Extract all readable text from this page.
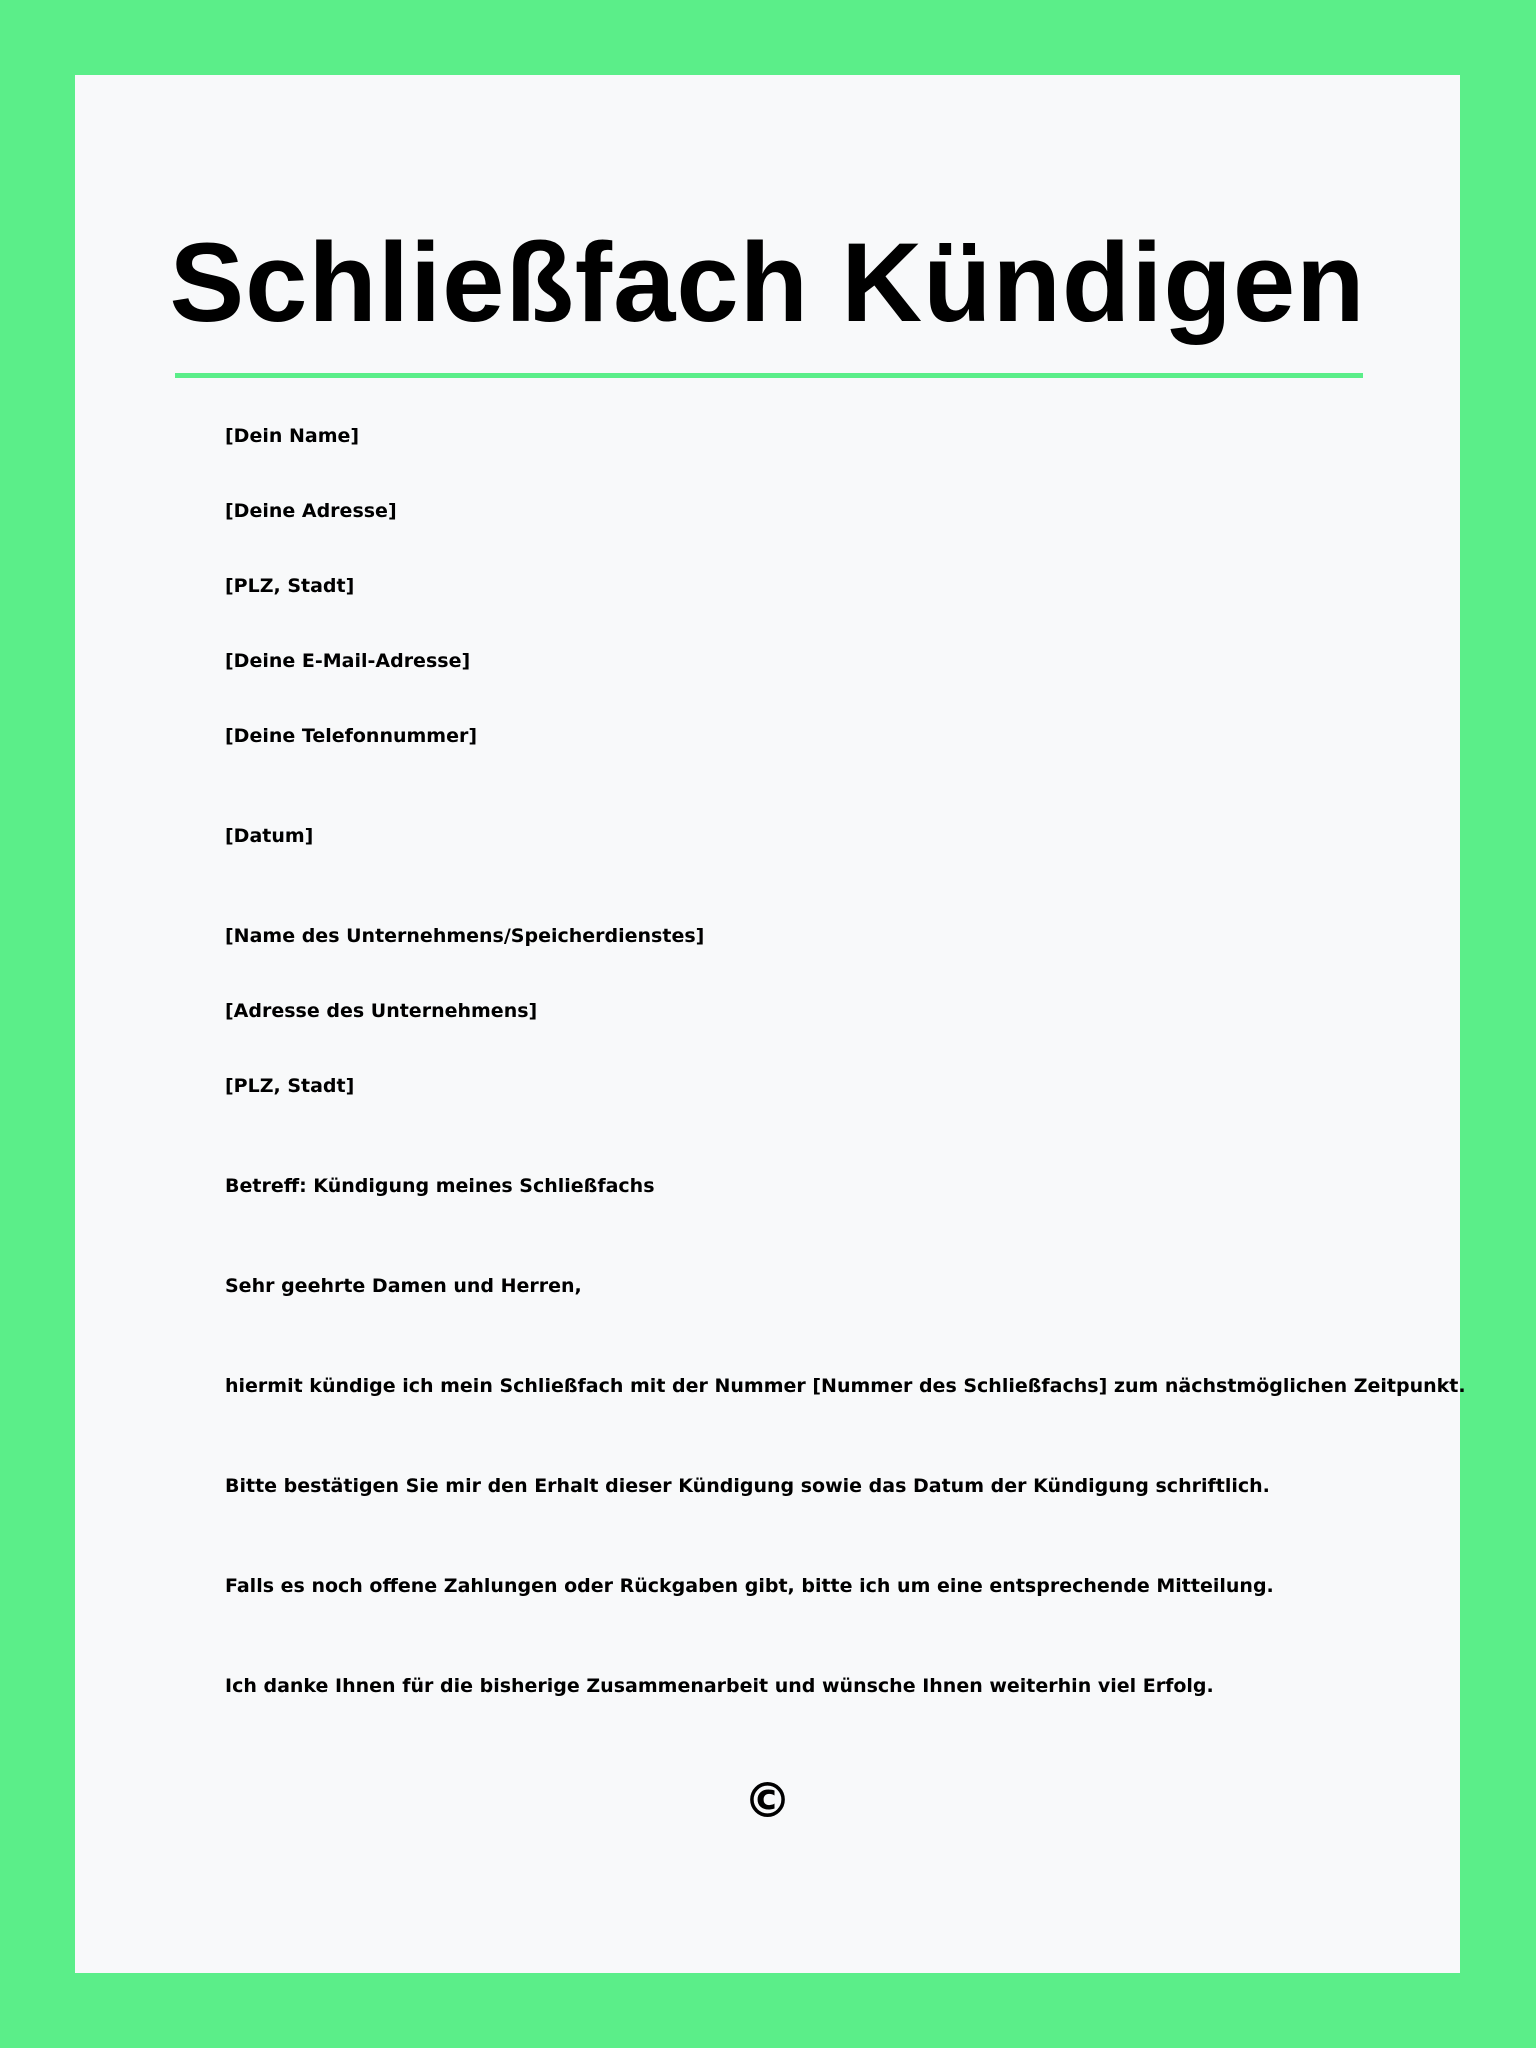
Schließfach Kündigen

[Dein Name]

[Deine Adresse]

[PLZ, Stadt]

[Deine E-Mail-Adresse]

[Deine Telefonnummer]

[Datum]

[Name des Unternehmens/Speicherdienstes]

[Adresse des Unternehmens]

[PLZ, Stadt]

Betreff: Kündigung meines Schließfachs

Sehr geehrte Damen und Herren,

hiermit kündige ich mein Schließfach mit der Nummer [Nummer des Schließfachs] zum nächstmöglichen Zeitpunkt.

Bitte bestätigen Sie mir den Erhalt dieser Kündigung sowie das Datum der Kündigung schriftlich.

Falls es noch offene Zahlungen oder Rückgaben gibt, bitte ich um eine entsprechende Mitteilung.

Ich danke Ihnen für die bisherige Zusammenarbeit und wünsche Ihnen weiterhin viel Erfolg.

©
